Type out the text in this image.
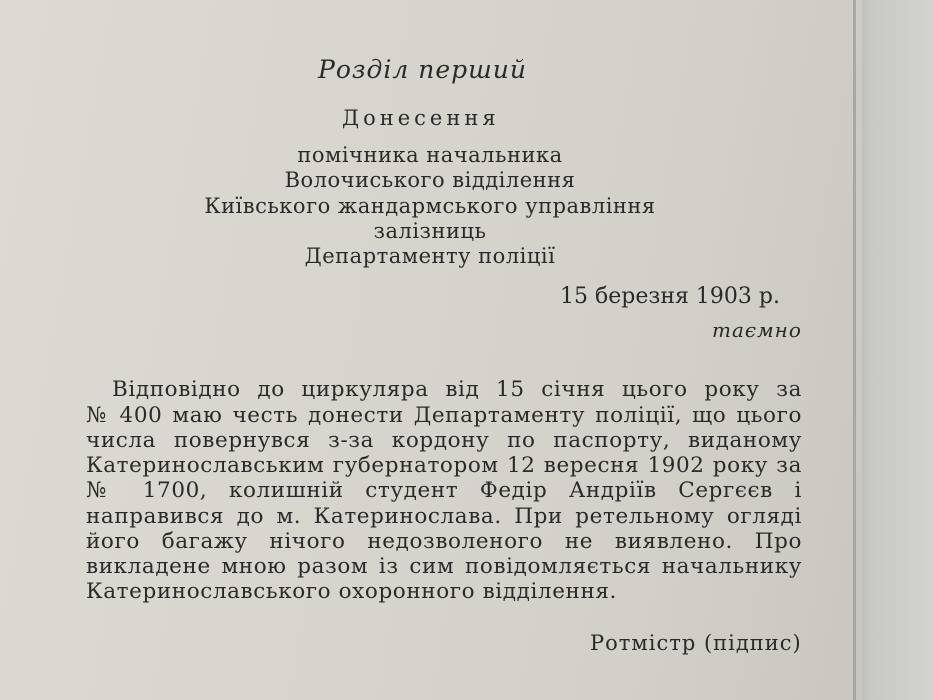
Розділ перший
Донесення
помічника начальника
Волочиського відділення
Київського жандармського управління
залізниць
Департаменту поліції
15 березня 1903 р.
таємно
Відповідно до циркуляра від 15 січня цього року за
№ 400 маю честь донести Департаменту поліції, що цього
числа повернувся з-за кордону по паспорту, виданому
Катеринославським губернатором 12 вересня 1902 року за
№ 1700, колишній студент Федір Андріїв Сергєєв і
направився до м. Катеринослава. При ретельному огляді
його багажу нічого недозволеного не виявлено. Про
викладене мною разом із сим повідомляється начальнику
Катеринославського охоронного відділення.
Ротмістр (підпис)
